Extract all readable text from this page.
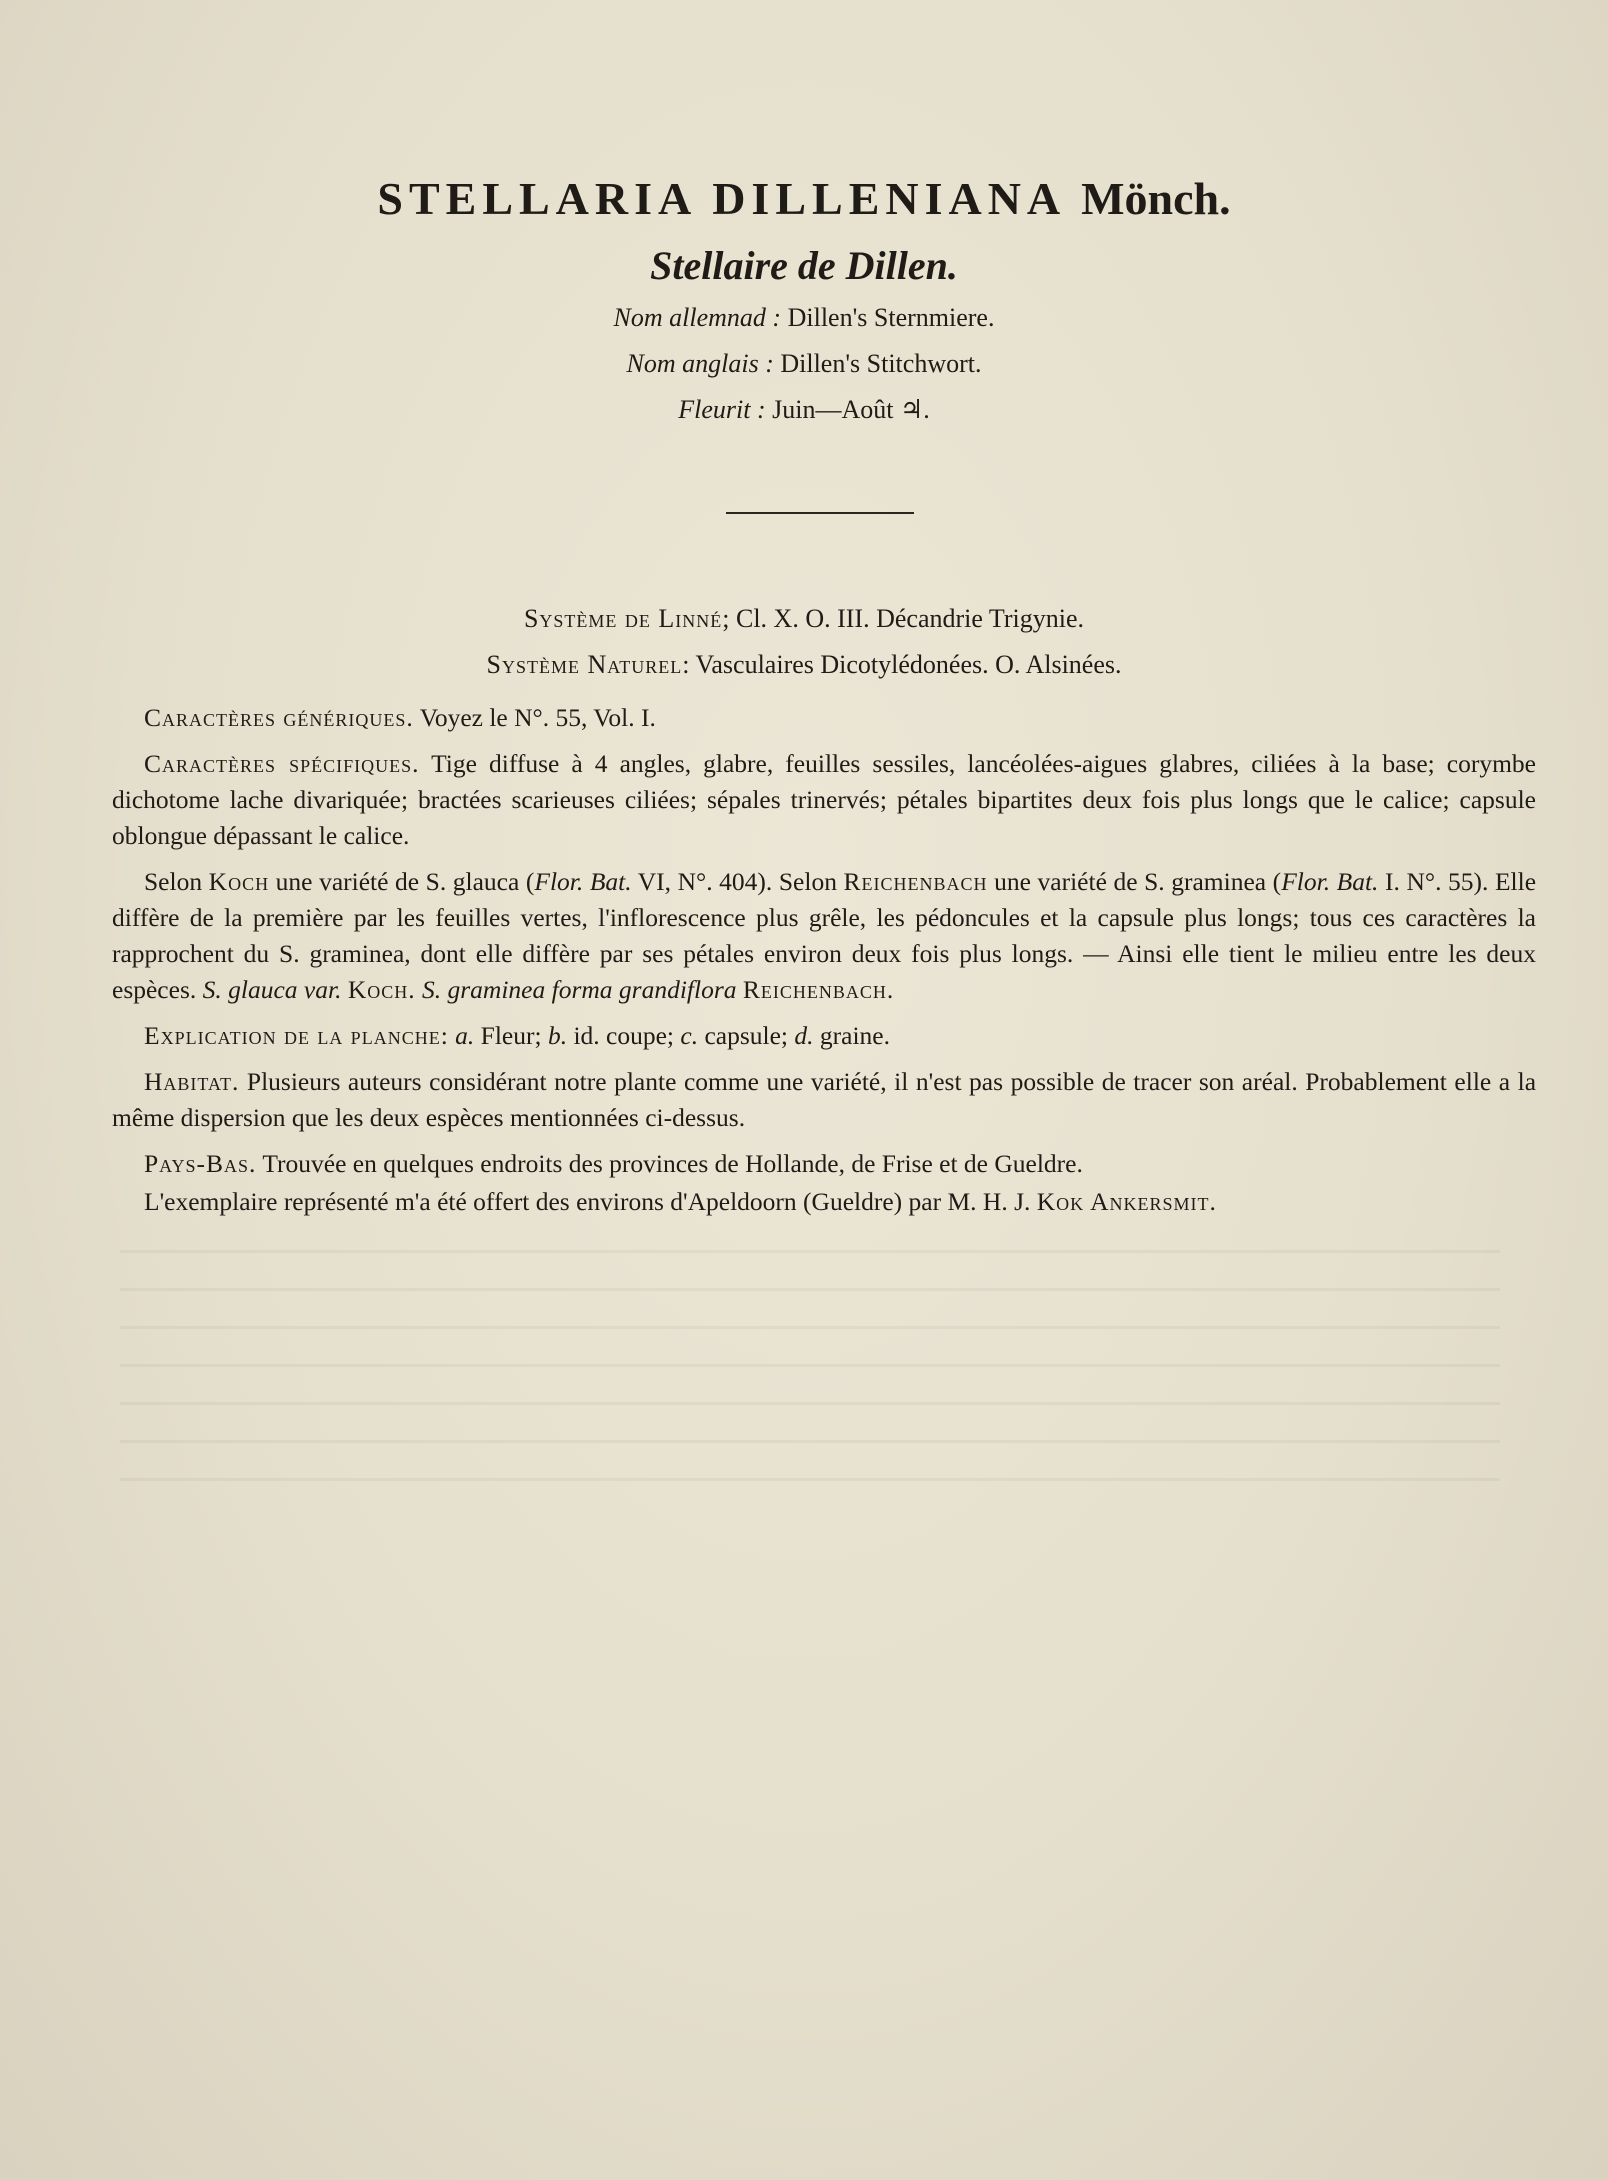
STELLARIA DILLENIANA Mönch.
Stellaire de Dillen.
Nom allemnad : Dillen's Sternmiere.
Nom anglais : Dillen's Stitchwort.
Fleurit : Juin—Août ♃.
Système de Linné; Cl. X. O. III. Décandrie Trigynie.
Système Naturel: Vasculaires Dicotylédonées. O. Alsinées.

Caractères génériques. Voyez le N°. 55, Vol. I.

Caractères spécifiques. Tige diffuse à 4 angles, glabre, feuilles sessiles, lancéolées-aigues glabres, ciliées à la base; corymbe dichotome lache divariquée; bractées scarieuses ciliées; sépales trinervés; pétales bipartites deux fois plus longs que le calice; capsule oblongue dépassant le calice.

Selon Koch une variété de S. glauca (Flor. Bat. VI, N°. 404). Selon Reichenbach une variété de S. graminea (Flor. Bat. I. N°. 55). Elle diffère de la première par les feuilles vertes, l'inflorescence plus grêle, les pédoncules et la capsule plus longs; tous ces caractères la rapprochent du S. graminea, dont elle diffère par ses pétales environ deux fois plus longs. — Ainsi elle tient le milieu entre les deux espèces. S. glauca var. Koch. S. graminea forma grandiflora Reichenbach.

Explication de la planche: a. Fleur; b. id. coupe; c. capsule; d. graine.

Habitat. Plusieurs auteurs considérant notre plante comme une variété, il n'est pas possible de tracer son aréal. Probablement elle a la même dispersion que les deux espèces mentionnées ci-dessus.

Pays-Bas. Trouvée en quelques endroits des provinces de Hollande, de Frise et de Gueldre.

L'exemplaire représenté m'a été offert des environs d'Apeldoorn (Gueldre) par M. H. J. Kok Ankersmit.
